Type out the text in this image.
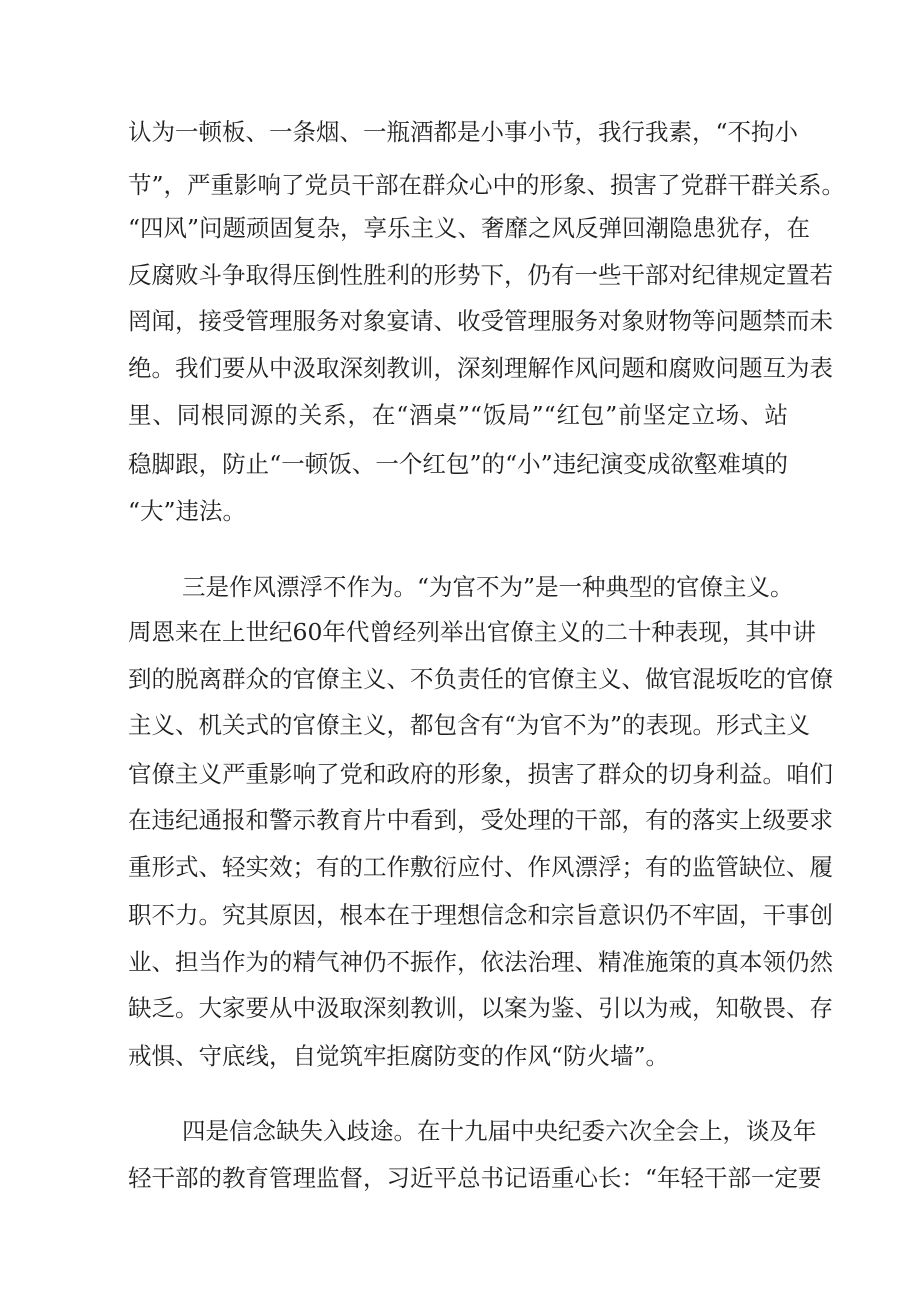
认为一顿板、一条烟、一瓶酒都是小事小节，我行我素，“不拘小
节”，严重影响了党员干部在群众心中的形象、损害了党群干群关系。
“四风”问题顽固复杂，享乐主义、奢靡之风反弹回潮隐患犹存，在
反腐败斗争取得压倒性胜利的形势下，仍有一些干部对纪律规定置若
罔闻，接受管理服务对象宴请、收受管理服务对象财物等问题禁而未
绝。我们要从中汲取深刻教训，深刻理解作风问题和腐败问题互为表
里、同根同源的关系，在“酒桌”“饭局”“红包”前坚定立场、站
稳脚跟，防止“一顿饭、一个红包”的“小”违纪演变成欲壑难填的
“大”违法。
三是作风漂浮不作为。“为官不为”是一种典型的官僚主义。
周恩来在上世纪60年代曾经列举出官僚主义的二十种表现，其中讲
到的脱离群众的官僚主义、不负责任的官僚主义、做官混坂吃的官僚
主义、机关式的官僚主义，都包含有“为官不为”的表现。形式主义
官僚主义严重影响了党和政府的形象，损害了群众的切身利益。咱们
在违纪通报和警示教育片中看到，受处理的干部，有的落实上级要求
重形式、轻实效；有的工作敷衍应付、作风漂浮；有的监管缺位、履
职不力。究其原因，根本在于理想信念和宗旨意识仍不牢固，干事创
业、担当作为的精气神仍不振作，依法治理、精准施策的真本领仍然
缺乏。大家要从中汲取深刻教训，以案为鉴、引以为戒，知敬畏、存
戒惧、守底线，自觉筑牢拒腐防变的作风“防火墙”。
四是信念缺失入歧途。在十九届中央纪委六次全会上，谈及年
轻干部的教育管理监督，习近平总书记语重心长：“年轻干部一定要
